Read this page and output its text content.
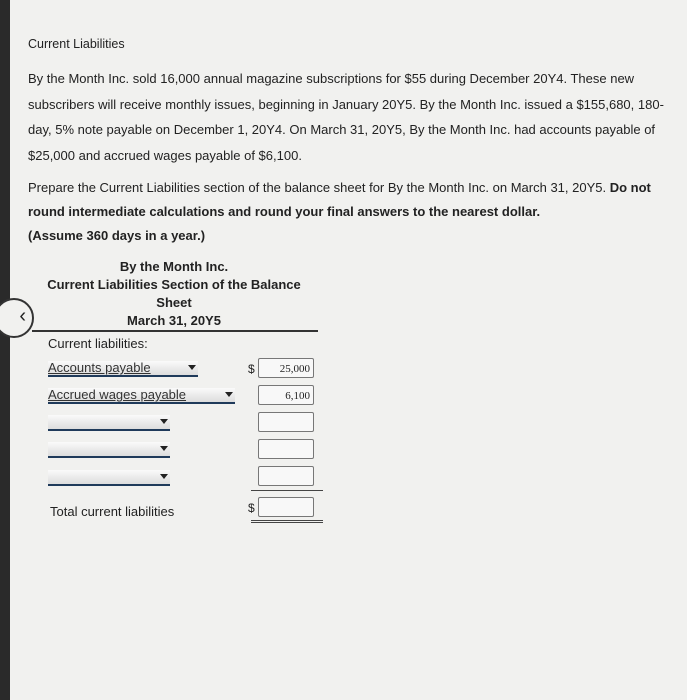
‹
Current Liabilities
By the Month Inc. sold 16,000 annual magazine subscriptions for $55 during December 20Y4. These new subscribers will receive monthly issues, beginning in January 20Y5. By the Month Inc. issued a $155,680, 180-day, 5% note payable on December 1, 20Y4. On March 31, 20Y5, By the Month Inc. had accounts payable of $25,000 and accrued wages payable of $6,100.
Prepare the Current Liabilities section of the balance sheet for By the Month Inc. on March 31, 20Y5. Do not round intermediate calculations and round your final answers to the nearest dollar.
(Assume 360 days in a year.)
By the Month Inc.
Current Liabilities Section of the Balance Sheet
March 31, 20Y5
Current liabilities:
Accounts payable
Accrued wages payable
$	25,000
6,100
Total current liabilities	$
